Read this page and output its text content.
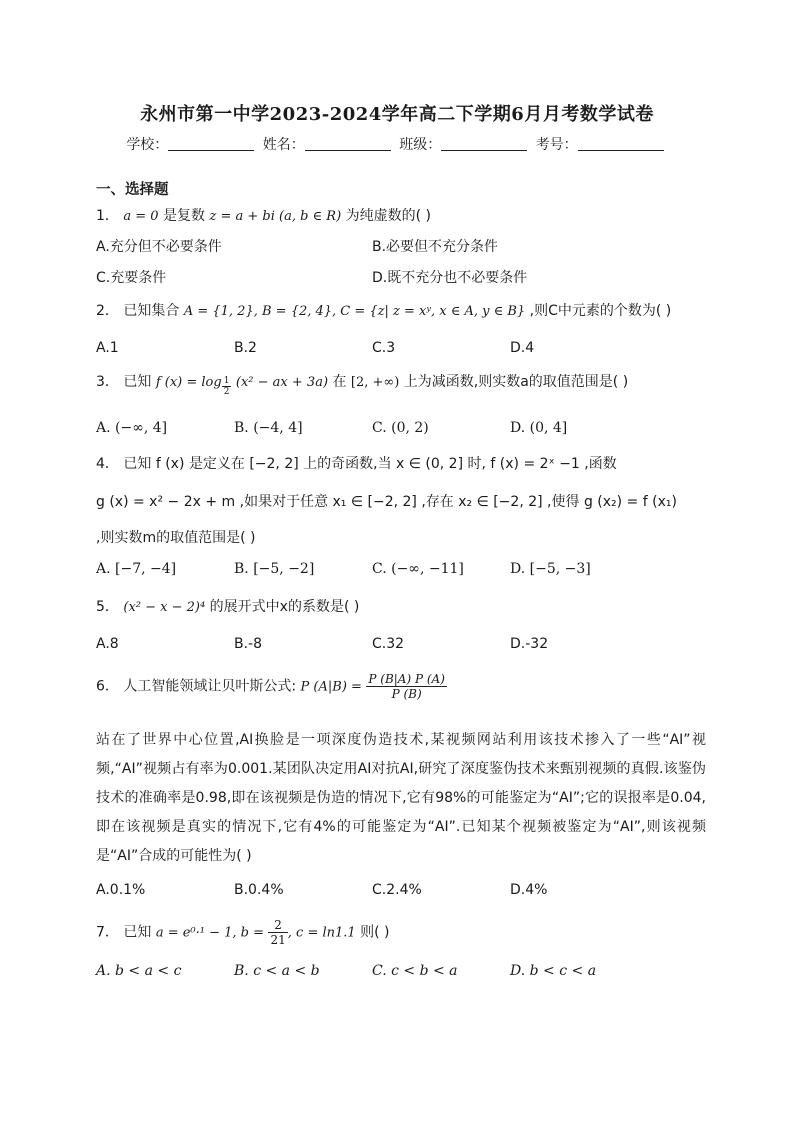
永州市第一中学2023-2024学年高二下学期6月月考数学试卷
学校：	姓名：	班级：	考号：
一、选择题
1． a = 0 是复数 z = a + bi (a, b ∈ R) 为纯虚数的( )
A.充分但不必要条件	B.必要但不充分条件
C.充要条件	D.既不充分也不必要条件
2． 已知集合 A = {1, 2}, B = {2, 4}, C = {z| z = xʸ, x ∈ A, y ∈ B} ,则C中元素的个数为( )
A.1	B.2	C.3	D.4
3． 已知 f $(x) = \log \frac{1}{2} (x^2$ − ax + 3a) 在 [2, +∞) 上为减函数,则实数a的取值范围是( )
A. (−∞, 4]	B. (−4, 4]	C. (0, 2)	D. (0, 4]
4． 已知 f (x) 是定义在 [−2, 2] 上的奇函数,当 x ∈ (0, 2] 时, f (x) = 2ˣ −1 ,函数
g (x) = x² − 2x + m ,如果对于任意 x₁ ∈ [−2, 2] ,存在 x₂ ∈ [−2, 2] ,使得 g (x₂) = f (x₁)
,则实数m的取值范围是( )
A. [−7, −4]	B. [−5, −2]	C. (−∞, −11]	D. [−5, −3]
5． (x² − x − 2)⁴ 的展开式中x的系数是( )
A.8	B.-8	C.32	D.-32
6． 人工智能领域让贝叶斯公式: P $(A|B) = \frac{P (B|A) P (A)}{P (B)}$
站在了世界中心位置,AI换脸是一项深度伪造技术,某视频网站利用该技术掺入了一些“AI”视频,“AI”视频占有率为0.001.某团队决定用AI对抗AI,研究了深度鉴伪技术来甄别视频的真假.该鉴伪技术的准确率是0.98,即在该视频是伪造的情况下,它有98%的可能鉴定为“AI”;它的误报率是0.04,即在该视频是真实的情况下,它有4%的可能鉴定为“AI”.已知某个视频被鉴定为“AI”,则该视频是“AI”合成的可能性为( )
A.0.1%	B.0.4%	C.2.4%	D.4%
7． 已知 a = e⁰·¹ − 1, $b = \frac{2}{21}$ , c = ln1.1 则( )
A. b < a < c	B. c < a < b	C. c < b < a	D. b < c < a
